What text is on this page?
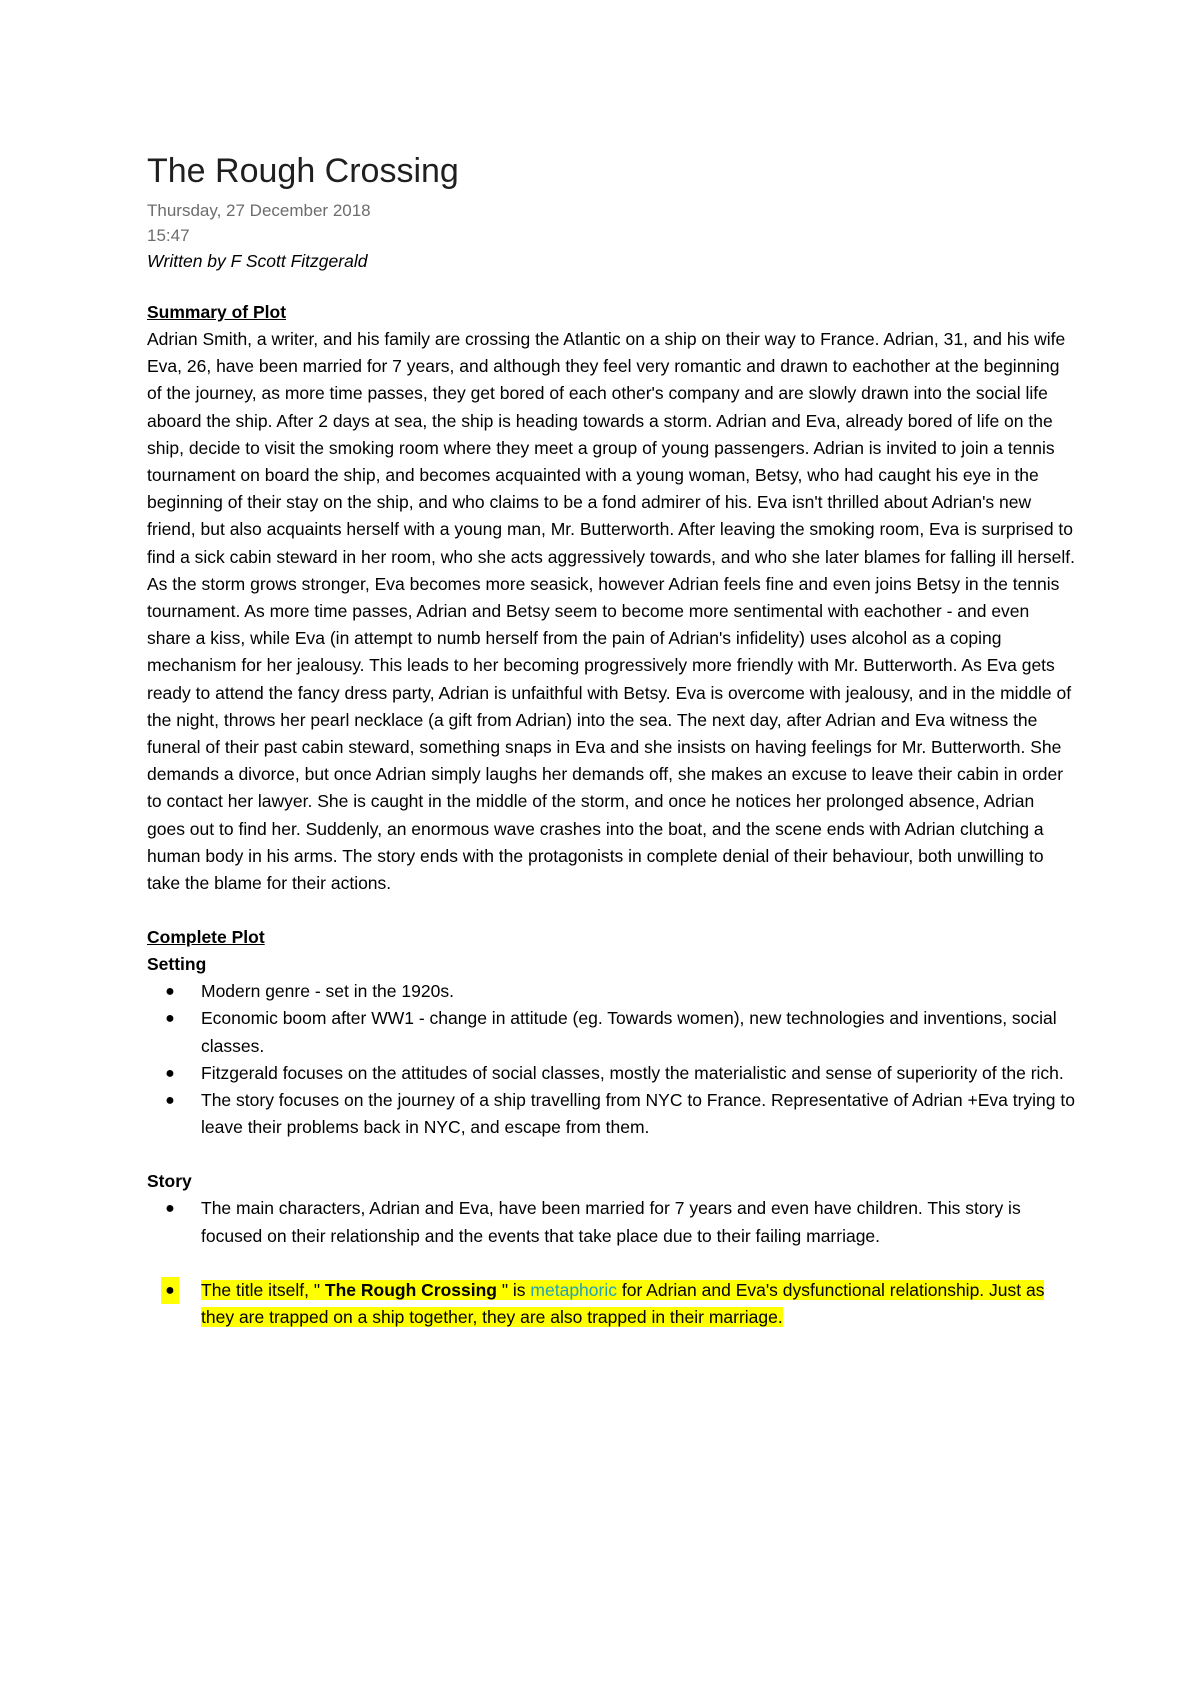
The Rough Crossing

Thursday, 27 December 2018

15:47

Written by F Scott Fitzgerald

Summary of Plot

Adrian Smith, a writer, and his family are crossing the Atlantic on a ship on their way to France. Adrian, 31, and his wife Eva, 26, have been married for 7 years, and although they feel very romantic and drawn to eachother at the beginning of the journey, as more time passes, they get bored of each other's company and are slowly drawn into the social life aboard the ship. After 2 days at sea, the ship is heading towards a storm. Adrian and Eva, already bored of life on the ship, decide to visit the smoking room where they meet a group of young passengers. Adrian is invited to join a tennis tournament on board the ship, and becomes acquainted with a young woman, Betsy, who had caught his eye in the beginning of their stay on the ship, and who claims to be a fond admirer of his. Eva isn't thrilled about Adrian's new friend, but also acquaints herself with a young man, Mr. Butterworth. After leaving the smoking room, Eva is surprised to find a sick cabin steward in her room, who she acts aggressively towards, and who she later blames for falling ill herself. As the storm grows stronger, Eva becomes more seasick, however Adrian feels fine and even joins Betsy in the tennis tournament. As more time passes, Adrian and Betsy seem to become more sentimental with eachother - and even share a kiss, while Eva (in attempt to numb herself from the pain of Adrian's infidelity) uses alcohol as a coping mechanism for her jealousy. This leads to her becoming progressively more friendly with Mr. Butterworth. As Eva gets ready to attend the fancy dress party, Adrian is unfaithful with Betsy. Eva is overcome with jealousy, and in the middle of the night, throws her pearl necklace (a gift from Adrian) into the sea. The next day, after Adrian and Eva witness the funeral of their past cabin steward, something snaps in Eva and she insists on having feelings for Mr. Butterworth. She demands a divorce, but once Adrian simply laughs her demands off, she makes an excuse to leave their cabin in order to contact her lawyer. She is caught in the middle of the storm, and once he notices her prolonged absence, Adrian goes out to find her. Suddenly, an enormous wave crashes into the boat, and the scene ends with Adrian clutching a human body in his arms. The story ends with the protagonists in complete denial of their behaviour, both unwilling to take the blame for their actions.

Complete Plot

Setting

● Modern genre - set in the 1920s.
● Economic boom after WW1 - change in attitude (eg. Towards women), new technologies and inventions, social classes.
● Fitzgerald focuses on the attitudes of social classes, mostly the materialistic and sense of superiority of the rich.
● The story focuses on the journey of a ship travelling from NYC to France. Representative of Adrian +Eva trying to leave their problems back in NYC, and escape from them.

Story

● The main characters, Adrian and Eva, have been married for 7 years and even have children. This story is focused on their relationship and the events that take place due to their failing marriage.
● The title itself, " The Rough Crossing " is metaphoric for Adrian and Eva's dysfunctional relationship. Just as they are trapped on a ship together, they are also trapped in their marriage.
